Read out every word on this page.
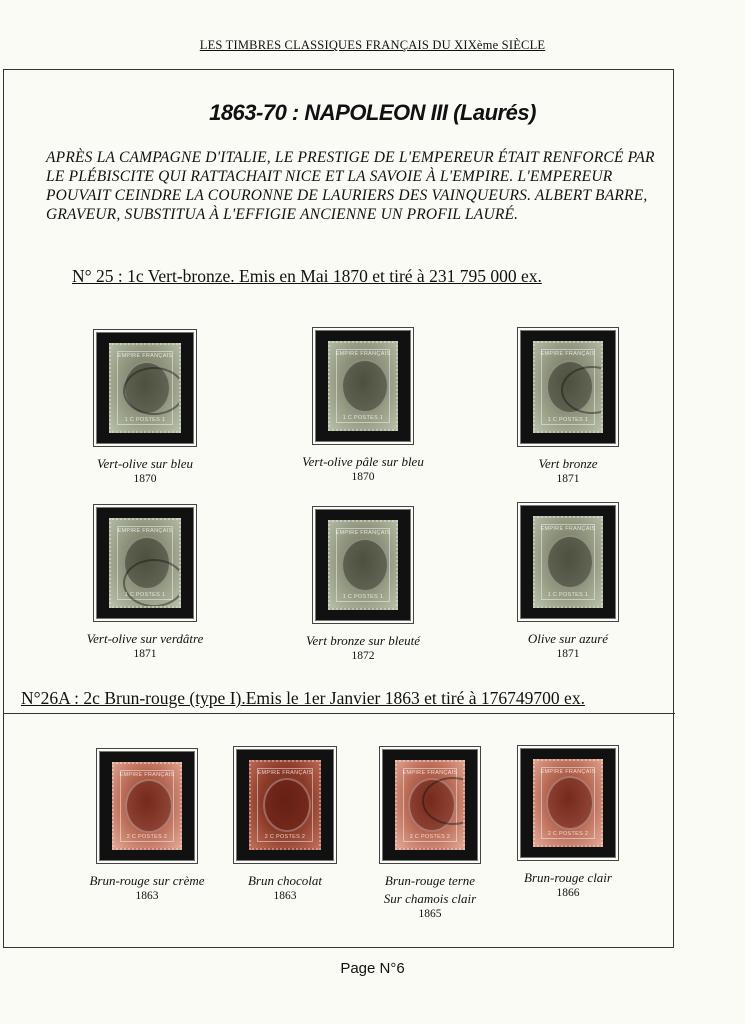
LES TIMBRES CLASSIQUES FRANÇAIS DU XIXème SIÈCLE
1863-70 : NAPOLEON III (Laurés)
APRÈS LA CAMPAGNE D'ITALIE, LE PRESTIGE DE L'EMPEREUR ÉTAIT RENFORCÉ PAR LE PLÉBISCITE QUI RATTACHAIT NICE ET LA SAVOIE À L'EMPIRE. L'EMPEREUR POUVAIT CEINDRE LA COURONNE DE LAURIERS DES VAINQUEURS. ALBERT BARRE, GRAVEUR, SUBSTITUA À L'EFFIGIE ANCIENNE UN PROFIL LAURÉ.
N° 25 : 1c Vert-bronze. Emis en Mai 1870 et tiré à 231 795 000 ex.
EMPIRE FRANÇAIS
1 C POSTES 1
Vert-olive sur bleu
1870
EMPIRE FRANÇAIS
1 C POSTES 1
Vert-olive pâle sur bleu
1870
EMPIRE FRANÇAIS
1 C POSTES 1
Vert bronze
1871
EMPIRE FRANÇAIS
1 C POSTES 1
Vert-olive sur verdâtre
1871
EMPIRE FRANÇAIS
1 C POSTES 1
Vert bronze sur bleuté
1872
EMPIRE FRANÇAIS
1 C POSTES 1
Olive sur azuré
1871
N°26A : 2c Brun-rouge (type I).Emis le 1er Janvier 1863 et tiré à 176749700 ex.
EMPIRE FRANÇAIS
2 C POSTES 2
Brun-rouge sur crème
1863
EMPIRE FRANÇAIS
2 C POSTES 2
Brun chocolat
1863
EMPIRE FRANÇAIS
2 C POSTES 2
Brun-rouge terne
Sur chamois clair
1865
EMPIRE FRANÇAIS
2 C POSTES 2
Brun-rouge clair
1866
Page N°6
